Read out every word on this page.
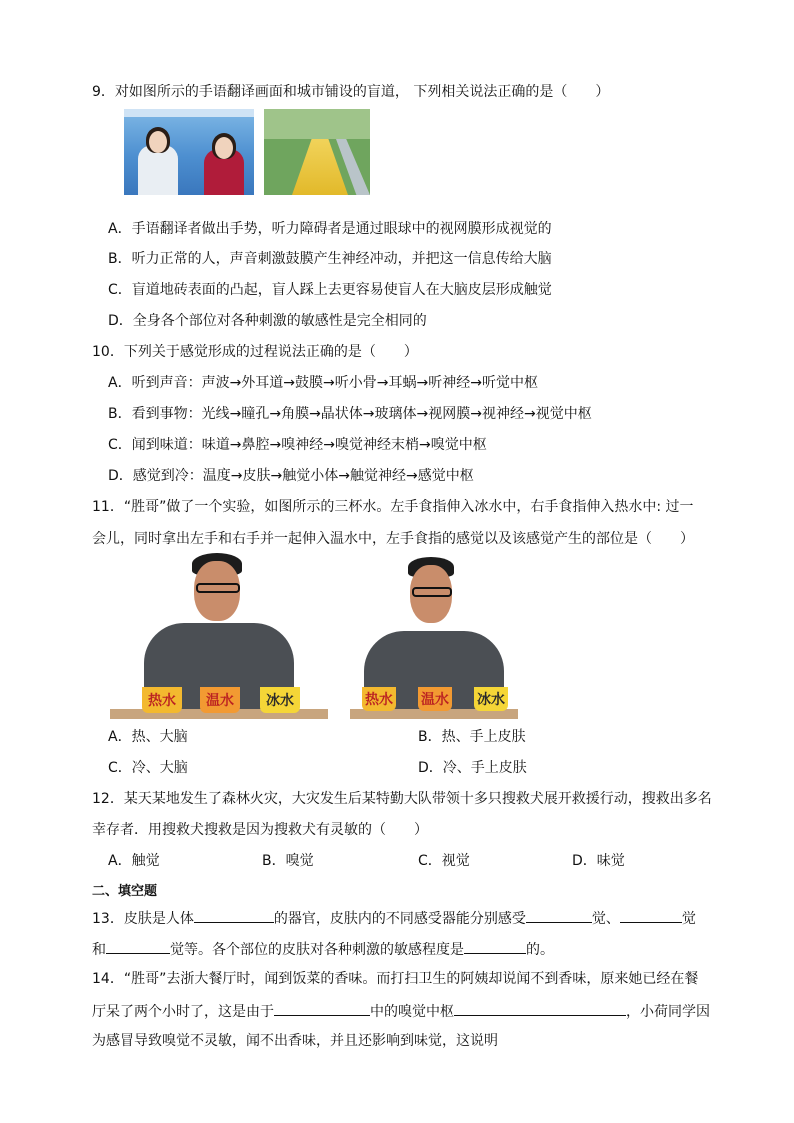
9．对如图所示的手语翻译画面和城市铺设的盲道， 下列相关说法正确的是（　　）
A．手语翻译者做出手势，听力障碍者是通过眼球中的视网膜形成视觉的
B．听力正常的人，声音刺激鼓膜产生神经冲动，并把这一信息传给大脑
C．盲道地砖表面的凸起，盲人踩上去更容易使盲人在大脑皮层形成触觉
D．全身各个部位对各种刺激的敏感性是完全相同的
10．下列关于感觉形成的过程说法正确的是（　　）
A．听到声音：声波→外耳道→鼓膜→听小骨→耳蜗→听神经→听觉中枢
B．看到事物：光线→瞳孔→角膜→晶状体→玻璃体→视网膜→视神经→视觉中枢
C．闻到味道：味道→鼻腔→嗅神经→嗅觉神经末梢→嗅觉中枢
D．感觉到冷：温度→皮肤→触觉小体→触觉神经→感觉中枢
11．“胜哥”做了一个实验，如图所示的三杯水。左手食指伸入冰水中，右手食指伸入热水中: 过一
会儿，同时拿出左手和右手并一起伸入温水中，左手食指的感觉以及该感觉产生的部位是（　　）
热水	温水	冰水	热水 温水 冰水
A．热、大脑	B．热、手上皮肤
C．冷、大脑	D．冷、手上皮肤
12．某天某地发生了森林火灾，大灾发生后某特勤大队带领十多只搜救犬展开救援行动，搜救出多名
幸存者．用搜救犬搜救是因为搜救犬有灵敏的（　　）
A．触觉	B．嗅觉	C．视觉	D．味觉
二、填空题
13．皮肤是人体	的器官，皮肤内的不同感受器能分别感受	觉、	觉
和	觉等。各个部位的皮肤对各种刺激的敏感程度是	的。
14．“胜哥”去浙大餐厅时，闻到饭菜的香味。而打扫卫生的阿姨却说闻不到香味，原来她已经在餐
厅呆了两个小时了，这是由于	中的嗅觉中枢	，小荷同学因
为感冒导致嗅觉不灵敏，闻不出香味，并且还影响到味觉，这说明
